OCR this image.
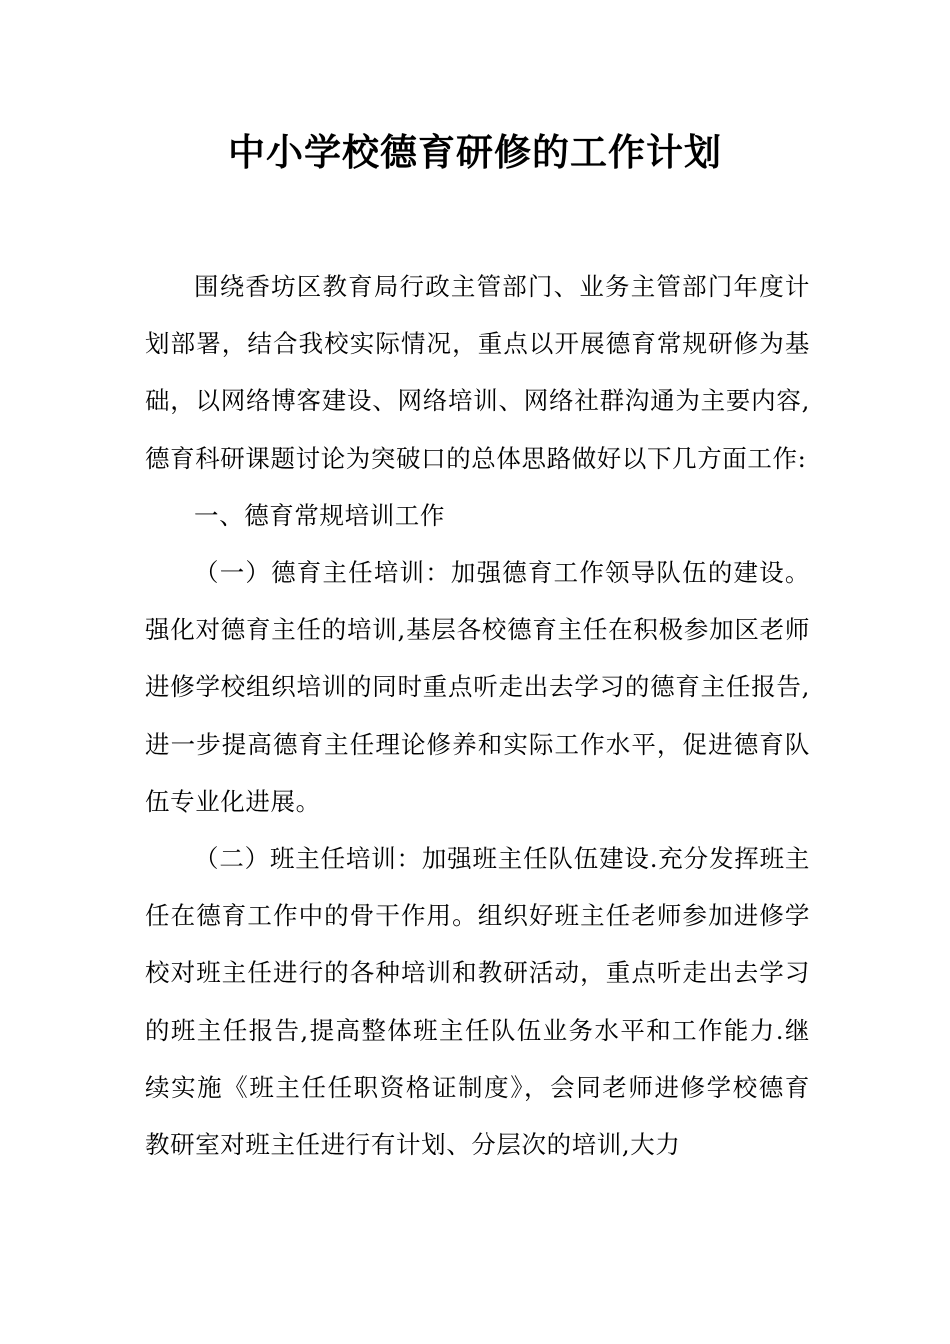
中小学校德育研修的工作计划

围绕香坊区教育局行政主管部门、业务主管部门年度计划部署，结合我校实际情况，重点以开展德育常规研修为基础，以网络博客建设、网络培训、网络社群沟通为主要内容,德育科研课题讨论为突破口的总体思路做好以下几方面工作:

一、德育常规培训工作

（一）德育主任培训：加强德育工作领导队伍的建设。强化对德育主任的培训,基层各校德育主任在积极参加区老师进修学校组织培训的同时重点听走出去学习的德育主任报告,进一步提高德育主任理论修养和实际工作水平，促进德育队伍专业化进展。

（二）班主任培训：加强班主任队伍建设.充分发挥班主任在德育工作中的骨干作用。组织好班主任老师参加进修学校对班主任进行的各种培训和教研活动，重点听走出去学习的班主任报告,提高整体班主任队伍业务水平和工作能力.继续实施《班主任任职资格证制度》，会同老师进修学校德育教研室对班主任进行有计划、分层次的培训,大力
